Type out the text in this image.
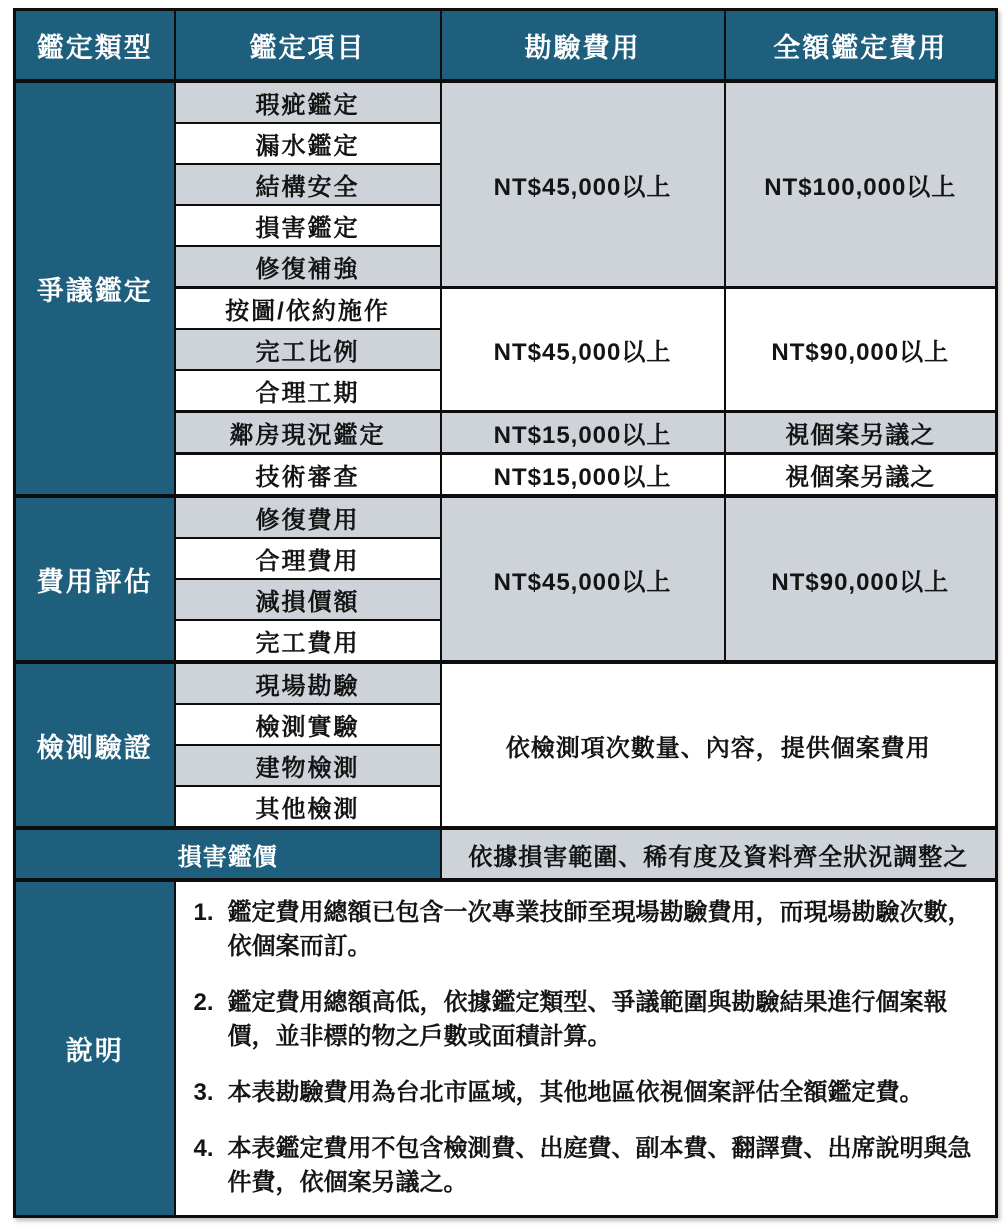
鑑定類型	鑑定項目	勘驗費用	全額鑑定費用
爭議鑑定	瑕疵鑑定	NT$45,000以上	NT$100,000以上
	漏水鑑定		
	結構安全		
	損害鑑定		
	修復補強		
	按圖/依約施作	NT$45,000以上	NT$90,000以上
	完工比例		
	合理工期		
	鄰房現況鑑定	NT$15,000以上	視個案另議之
	技術審查	NT$15,000以上	視個案另議之
費用評估	修復費用	NT$45,000以上	NT$90,000以上
	合理費用		
	減損價額		
	完工費用		
檢測驗證	現場勘驗	依檢測項次數量、內容，提供個案費用	
	檢測實驗		
	建物檢測		
	其他檢測		
損害鑑價		依據損害範圍、稀有度及資料齊全狀況調整之	
說明	
鑑定費用總額已包含一次專業技師至現場勘驗費用，而現場勘驗次數，依個案而訂。
鑑定費用總額高低，依據鑑定類型、爭議範圍與勘驗結果進行個案報價，並非標的物之戶數或面積計算。
本表勘驗費用為台北市區域，其他地區依視個案評估全額鑑定費。
本表鑑定費用不包含檢測費、出庭費、副本費、翻譯費、出席說明與急件費，依個案另議之。
